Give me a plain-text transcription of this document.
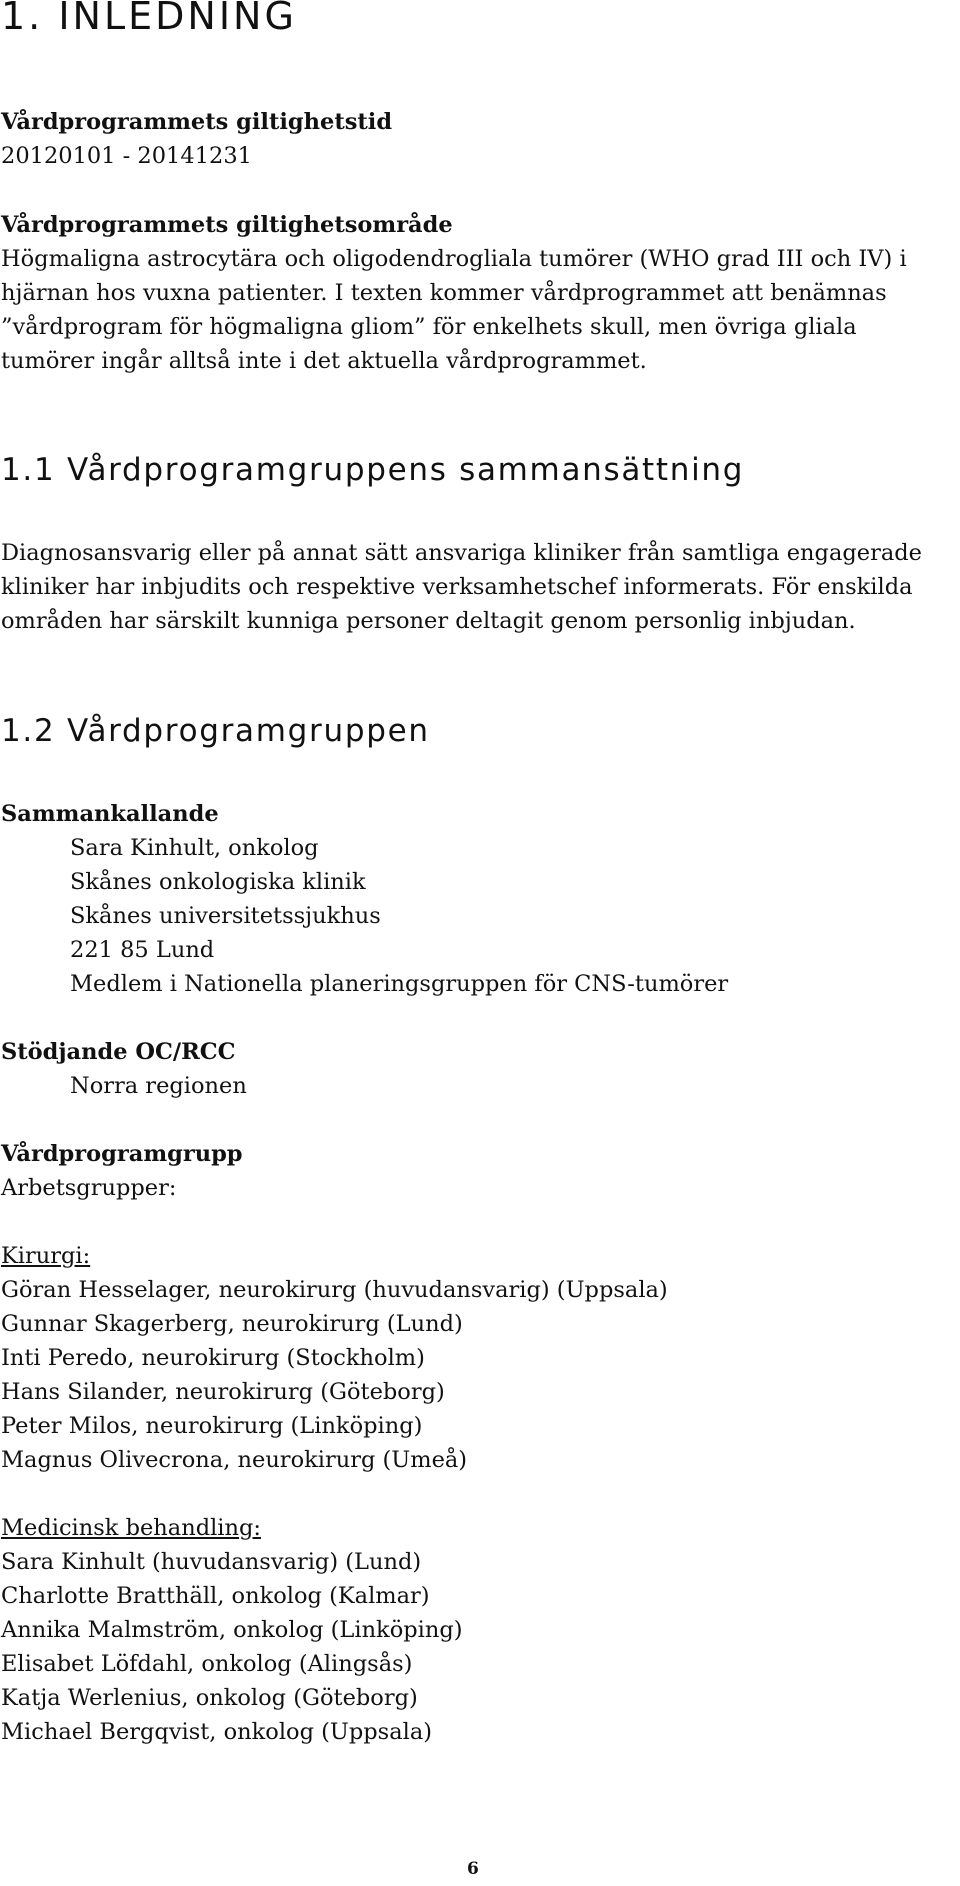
1. INLEDNING
Vårdprogrammets giltighetstid
20120101 - 20141231
Vårdprogrammets giltighetsområde
Högmaligna astrocytära och oligodendrogliala tumörer (WHO grad III och IV) i
hjärnan hos vuxna patienter. I texten kommer vårdprogrammet att benämnas
”vårdprogram för högmaligna gliom” för enkelhets skull, men övriga gliala
tumörer ingår alltså inte i det aktuella vårdprogrammet.
1.1 Vårdprogramgruppens sammansättning
Diagnosansvarig eller på annat sätt ansvariga kliniker från samtliga engagerade
kliniker har inbjudits och respektive verksamhetschef informerats. För enskilda
områden har särskilt kunniga personer deltagit genom personlig inbjudan.
1.2 Vårdprogramgruppen
Sammankallande
Sara Kinhult, onkolog
Skånes onkologiska klinik
Skånes universitetssjukhus
221 85 Lund
Medlem i Nationella planeringsgruppen för CNS-tumörer
Stödjande OC/RCC
Norra regionen
Vårdprogramgrupp
Arbetsgrupper:
Kirurgi:
Göran Hesselager, neurokirurg (huvudansvarig) (Uppsala)
Gunnar Skagerberg, neurokirurg (Lund)
Inti Peredo, neurokirurg (Stockholm)
Hans Silander, neurokirurg (Göteborg)
Peter Milos, neurokirurg (Linköping)
Magnus Olivecrona, neurokirurg (Umeå)
Medicinsk behandling:
Sara Kinhult (huvudansvarig) (Lund)
Charlotte Bratthäll, onkolog (Kalmar)
Annika Malmström, onkolog (Linköping)
Elisabet Löfdahl, onkolog (Alingsås)
Katja Werlenius, onkolog (Göteborg)
Michael Bergqvist, onkolog (Uppsala)
6
